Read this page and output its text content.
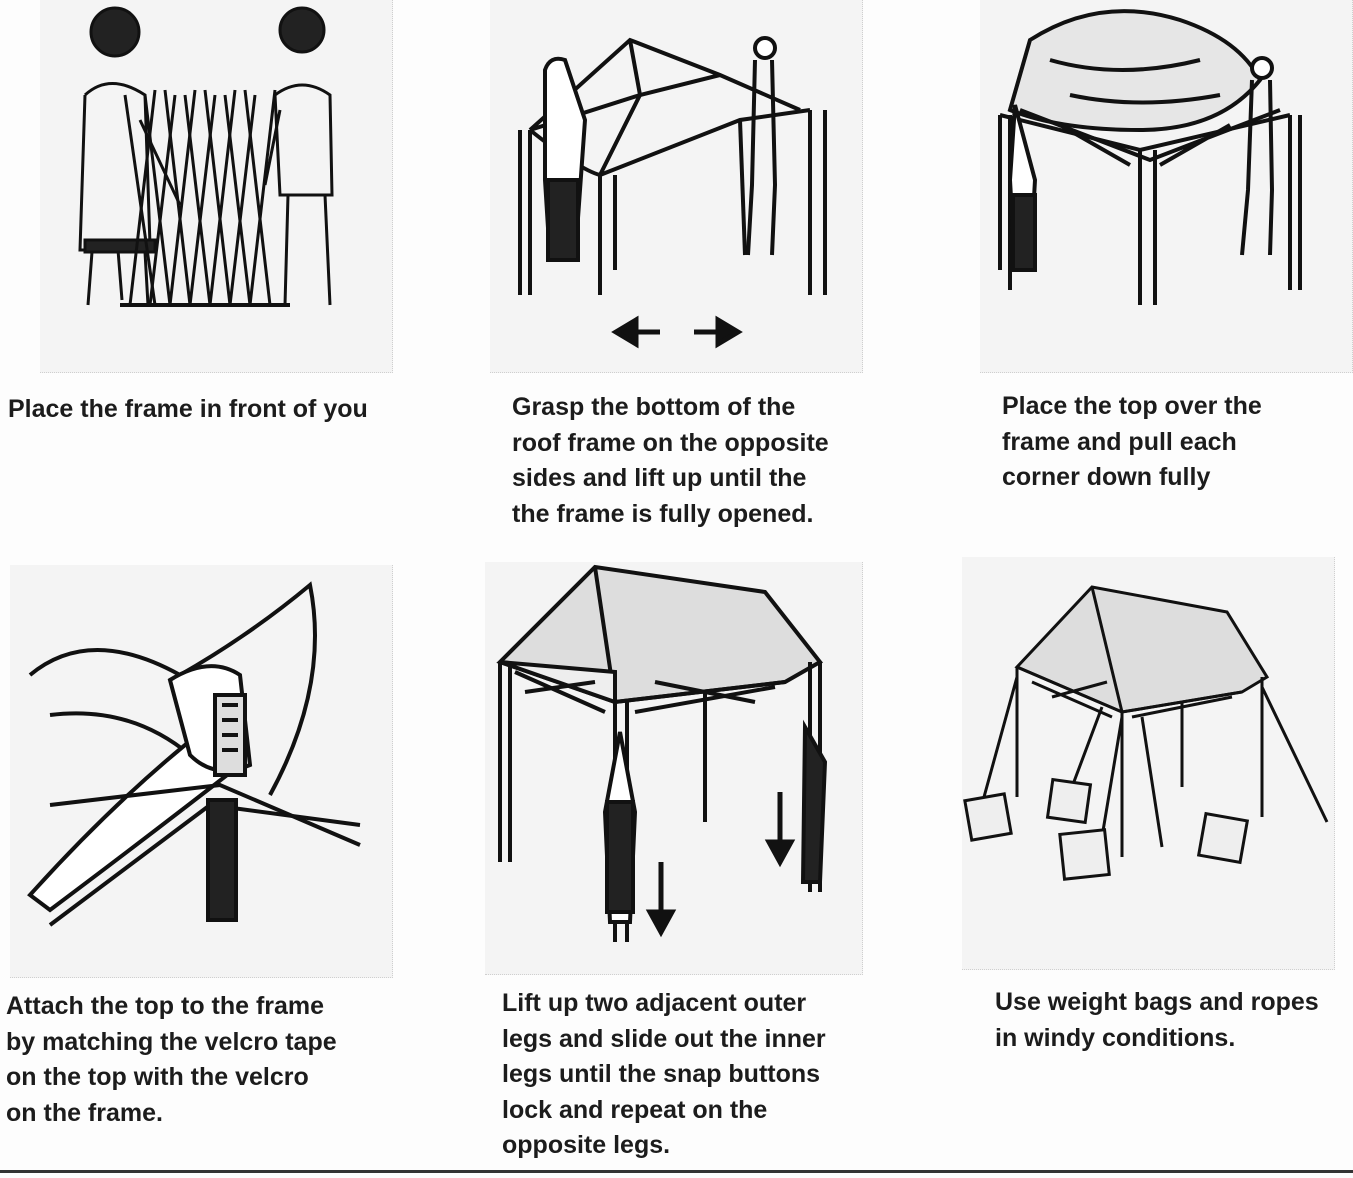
Place the frame in front of you	Grasp the bottom of the
roof frame on the opposite
sides and lift up until the
the frame is fully opened.

Place the top over the
frame and pull each
corner down fully

Attach the top to the frame
by matching the velcro tape
on the top with the velcro
on the frame.

Lift up two adjacent outer
legs and slide out the inner
legs until the snap buttons
lock and repeat on the
opposite legs.

Use weight bags and ropes
in windy conditions.
